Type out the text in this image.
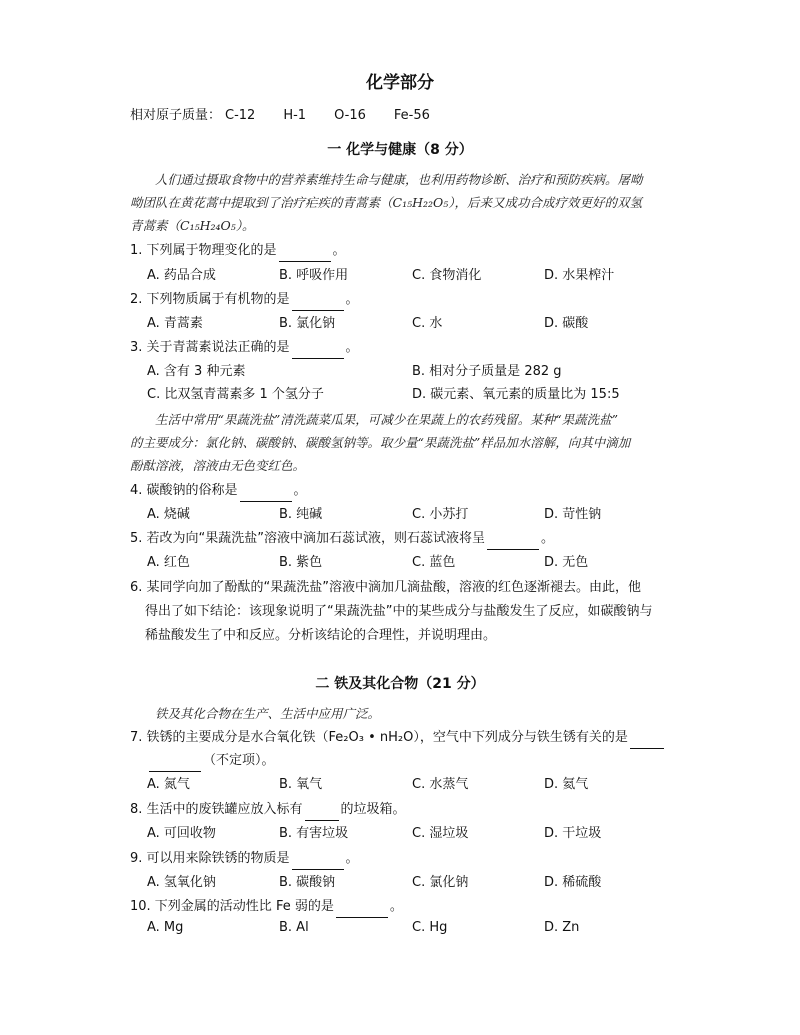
化学部分
相对原子质量： C-12 H-1 O-16 Fe-56
一 化学与健康（8 分）
人们通过摄取食物中的营养素维持生命与健康，也利用药物诊断、治疗和预防疾病。屠呦
呦团队在黄花蒿中提取到了治疗疟疾的青蒿素（C₁₅H₂₂O₅），后来又成功合成疗效更好的双氢
青蒿素（C₁₅H₂₄O₅）。
1. 下列属于物理变化的是	。
A. 药品合成	B. 呼吸作用	C. 食物消化	D. 水果榨汁
2. 下列物质属于有机物的是	。
A. 青蒿素	B. 氯化钠	C. 水	D. 碳酸
3. 关于青蒿素说法正确的是	。
A. 含有 3 种元素	B. 相对分子质量是 282 g
C. 比双氢青蒿素多 1 个氢分子	D. 碳元素、氧元素的质量比为 15:5
生活中常用“果蔬洗盐”清洗蔬菜瓜果，可减少在果蔬上的农药残留。某种“果蔬洗盐”
的主要成分：氯化钠、碳酸钠、碳酸氢钠等。取少量“果蔬洗盐”样品加水溶解，向其中滴加
酚酞溶液，溶液由无色变红色。
4. 碳酸钠的俗称是	。
A. 烧碱	B. 纯碱	C. 小苏打	D. 苛性钠
5. 若改为向“果蔬洗盐”溶液中滴加石蕊试液，则石蕊试液将呈	。
A. 红色	B. 紫色	C. 蓝色	D. 无色
6. 某同学向加了酚酞的“果蔬洗盐”溶液中滴加几滴盐酸，溶液的红色逐渐褪去。由此，他
得出了如下结论：该现象说明了“果蔬洗盐”中的某些成分与盐酸发生了反应，如碳酸钠与
稀盐酸发生了中和反应。分析该结论的合理性，并说明理由。
二 铁及其化合物（21 分）
铁及其化合物在生产、生活中应用广泛。
7. 铁锈的主要成分是水合氧化铁（Fe₂O₃ • nH₂O），空气中下列成分与铁生锈有关的是
（不定项）。
A. 氮气	B. 氧气	C. 水蒸气	D. 氦气
8. 生活中的废铁罐应放入标有	的垃圾箱。
A. 可回收物	B. 有害垃圾	C. 湿垃圾	D. 干垃圾
9. 可以用来除铁锈的物质是	。
A. 氢氧化钠	B. 碳酸钠	C. 氯化钠	D. 稀硫酸
10. 下列金属的活动性比 Fe 弱的是	。
A. Mg	B. Al	C. Hg	D. Zn
